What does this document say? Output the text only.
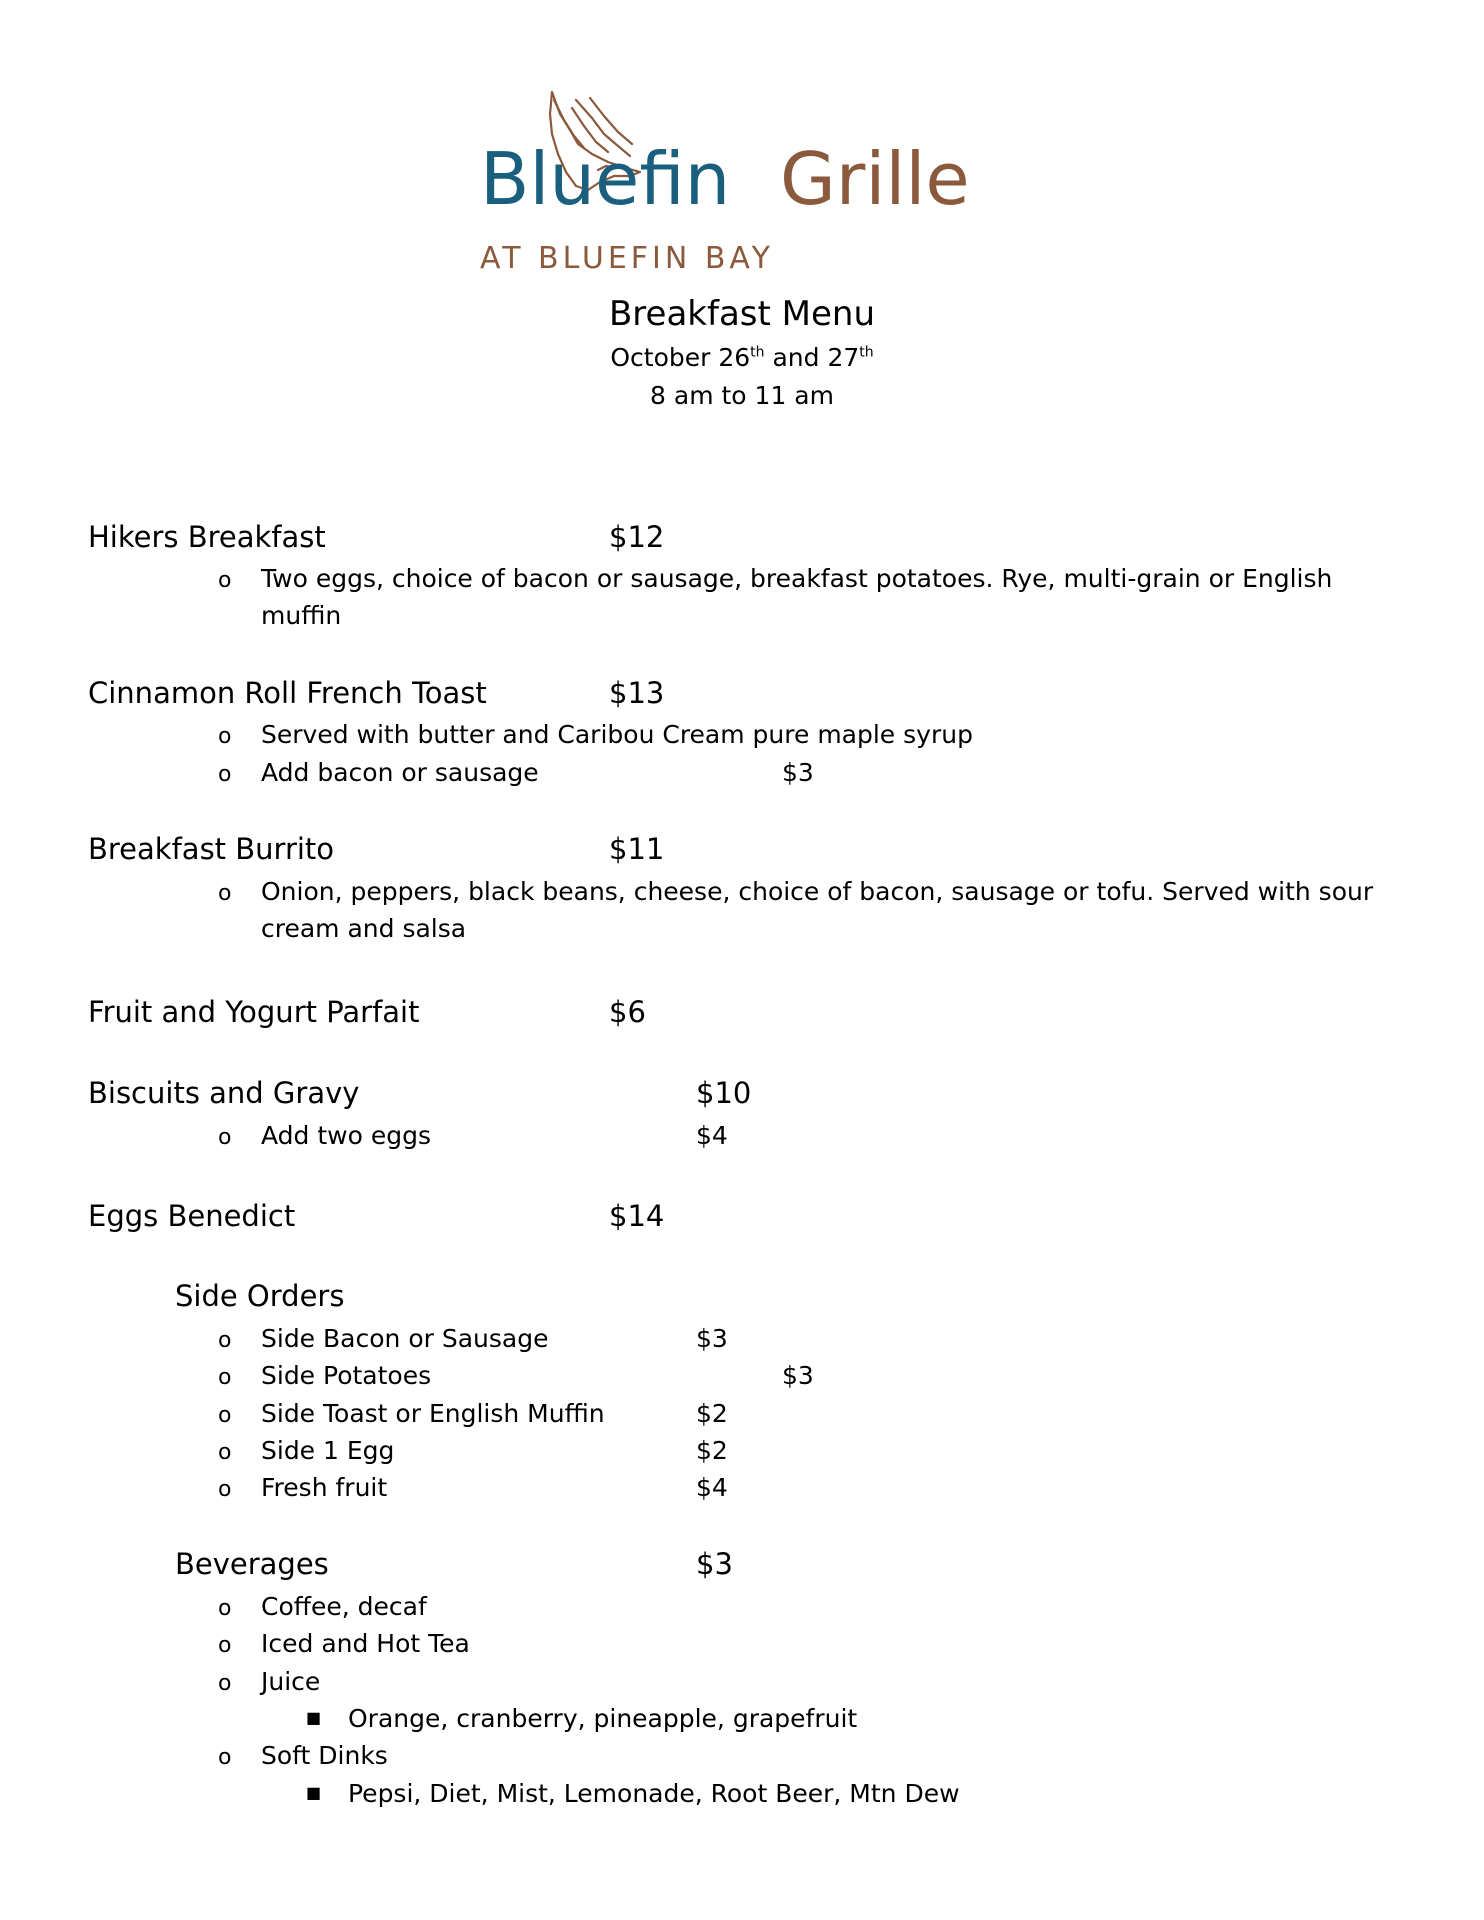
Bluefin Grille
AT BLUEFIN BAY
Breakfast Menu
October 26th and 27th
8 am to 11 am
Hikers Breakfast	$12
o Two eggs, choice of bacon or sausage, breakfast potatoes. Rye, multi-grain or English
muffin
Cinnamon Roll French Toast	$13
o Served with butter and Caribou Cream pure maple syrup
o Add bacon or sausage	$3
Breakfast Burrito	$11
o Onion, peppers, black beans, cheese, choice of bacon, sausage or tofu. Served with sour
cream and salsa
Fruit and Yogurt Parfait	$6
Biscuits and Gravy	$10
o Add two eggs	$4
Eggs Benedict	$14
Side Orders
o Side Bacon or Sausage	$3
o Side Potatoes	$3
o Side Toast or English Muffin	$2
o Side 1 Egg	$2
o Fresh fruit	$4
Beverages	$3
o Coffee, decaf
o Iced and Hot Tea
o Juice
■ Orange, cranberry, pineapple, grapefruit
o Soft Dinks
■ Pepsi, Diet, Mist, Lemonade, Root Beer, Mtn Dew
